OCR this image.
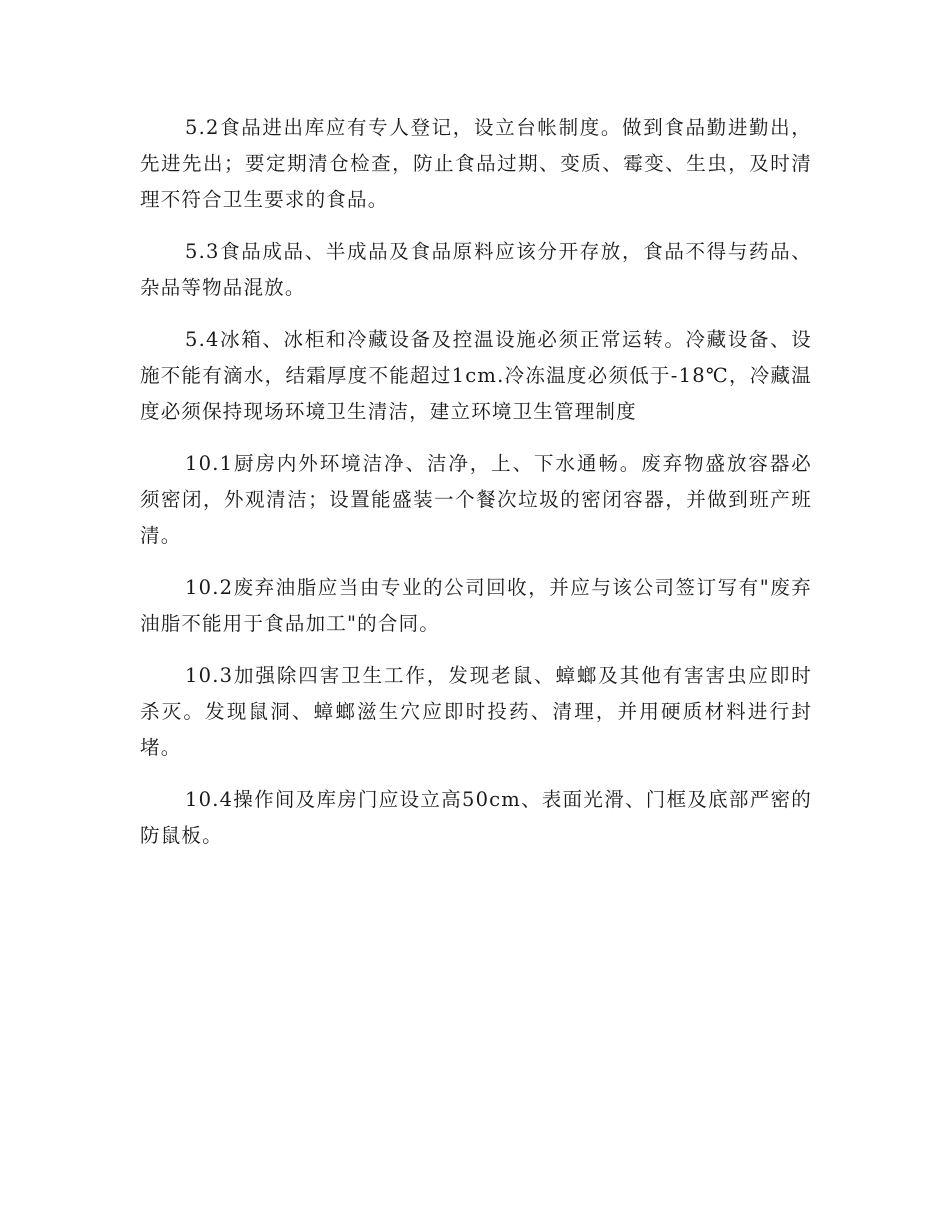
5.2食品进出库应有专人登记，设立台帐制度。做到食品勤进勤出，先进先出；要定期清仓检查，防止食品过期、变质、霉变、生虫，及时清理不符合卫生要求的食品。

5.3食品成品、半成品及食品原料应该分开存放，食品不得与药品、杂品等物品混放。

5.4冰箱、冰柜和冷藏设备及控温设施必须正常运转。冷藏设备、设施不能有滴水，结霜厚度不能超过1cm.冷冻温度必须低于-18℃，冷藏温度必须保持现场环境卫生清洁，建立环境卫生管理制度

10.1厨房内外环境洁净、洁净，上、下水通畅。废弃物盛放容器必须密闭，外观清洁；设置能盛装一个餐次垃圾的密闭容器，并做到班产班清。

10.2废弃油脂应当由专业的公司回收，并应与该公司签订写有"废弃油脂不能用于食品加工"的合同。

10.3加强除四害卫生工作，发现老鼠、蟑螂及其他有害害虫应即时杀灭。发现鼠洞、蟑螂滋生穴应即时投药、清理，并用硬质材料进行封堵。

10.4操作间及库房门应设立高50cm、表面光滑、门框及底部严密的防鼠板。
